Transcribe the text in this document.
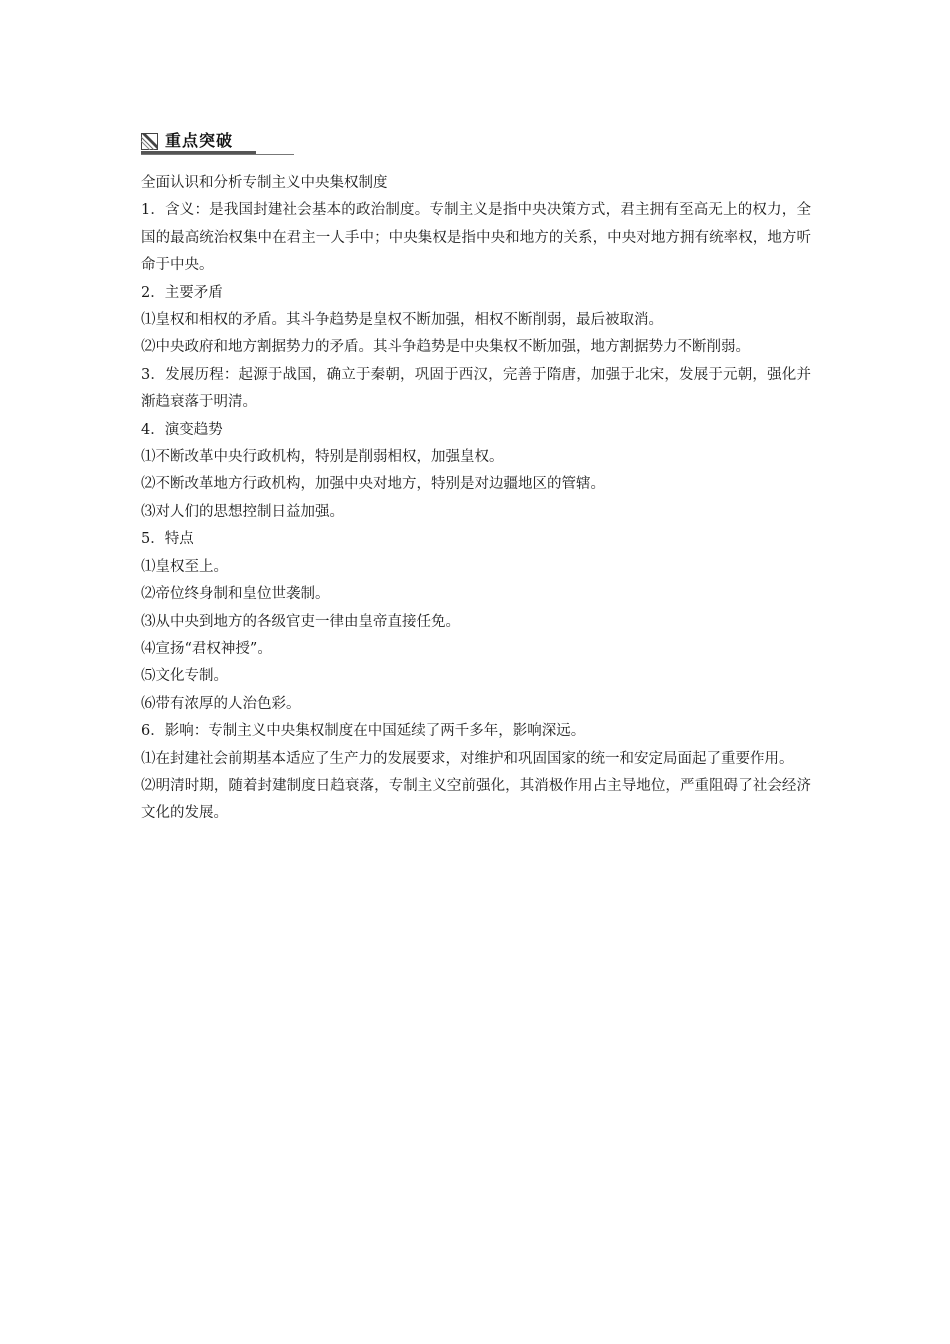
重点突破

全面认识和分析专制主义中央集权制度

1．含义：是我国封建社会基本的政治制度。专制主义是指中央决策方式，君主拥有至高无上的权力，全国的最高统治权集中在君主一人手中；中央集权是指中央和地方的关系，中央对地方拥有统率权，地方听命于中央。

2．主要矛盾

⑴皇权和相权的矛盾。其斗争趋势是皇权不断加强，相权不断削弱，最后被取消。

⑵中央政府和地方割据势力的矛盾。其斗争趋势是中央集权不断加强，地方割据势力不断削弱。

3．发展历程：起源于战国，确立于秦朝，巩固于西汉，完善于隋唐，加强于北宋，发展于元朝，强化并渐趋衰落于明清。

4．演变趋势

⑴不断改革中央行政机构，特别是削弱相权，加强皇权。

⑵不断改革地方行政机构，加强中央对地方，特别是对边疆地区的管辖。

⑶对人们的思想控制日益加强。

5．特点

⑴皇权至上。

⑵帝位终身制和皇位世袭制。

⑶从中央到地方的各级官吏一律由皇帝直接任免。

⑷宣扬“君权神授”。

⑸文化专制。

⑹带有浓厚的人治色彩。

6．影响：专制主义中央集权制度在中国延续了两千多年，影响深远。

⑴在封建社会前期基本适应了生产力的发展要求，对维护和巩固国家的统一和安定局面起了重要作用。

⑵明清时期，随着封建制度日趋衰落，专制主义空前强化，其消极作用占主导地位，严重阻碍了社会经济文化的发展。
